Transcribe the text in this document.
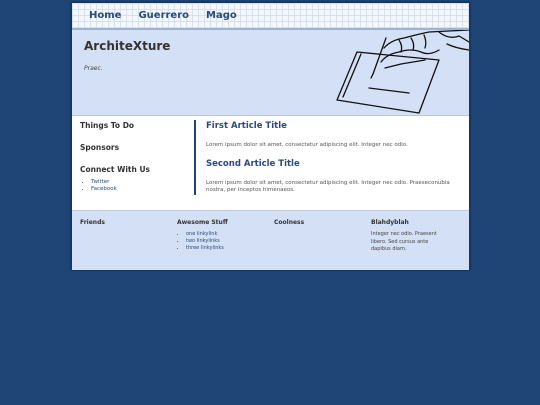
Home Guerrero Mago
ArchiteXture
Praec.
Things To Do
Sponsors
Connect With Us
• Twitter
• Facebook
First Article Title

Lorem ipsum dolor sit amet, consectetur adipiscing elit. Integer nec odio.

Second Article Title

Lorem ipsum dolor sit amet, consectetur adipiscing elit. Integer nec odio. Praeseconubia nostra, per inceptos himenaeos.

Friends	Awesome Stuff
• one linkylink
• two linkylinks
• three linkylinks
Coolness	Blahdyblah

Integer nec odio. Praesent libero. Sed cursus ante dapibus diam.
